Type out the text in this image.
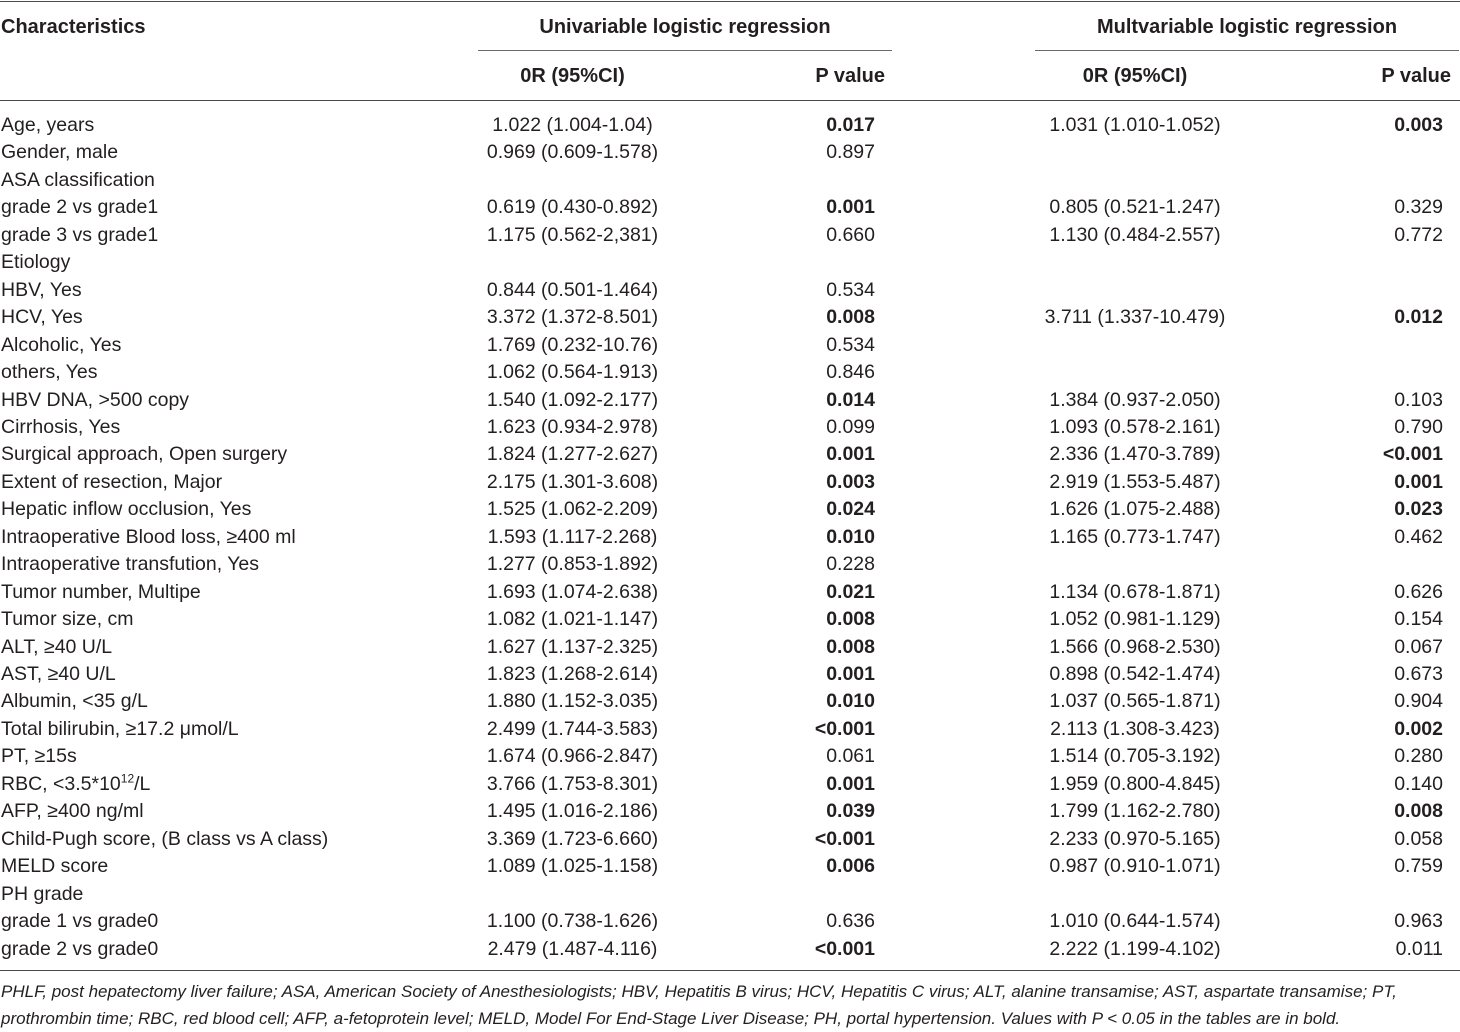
Characteristics	Univariable logistic regression	Multvariable logistic regression
0R (95%CI)	P value	0R (95%CI)	P value
Age, years	1.022 (1.004-1.04)	0.017	1.031 (1.010-1.052)	0.003
Gender, male	0.969 (0.609-1.578)	0.897
ASA classification
grade 2 vs grade1	0.619 (0.430-0.892)	0.001	0.805 (0.521-1.247)	0.329
grade 3 vs grade1	1.175 (0.562-2,381)	0.660	1.130 (0.484-2.557)	0.772
Etiology
HBV, Yes	0.844 (0.501-1.464)	0.534
HCV, Yes	3.372 (1.372-8.501)	0.008	3.711 (1.337-10.479)	0.012
Alcoholic, Yes	1.769 (0.232-10.76)	0.534
others, Yes	1.062 (0.564-1.913)	0.846
HBV DNA, >500 copy	1.540 (1.092-2.177)	0.014	1.384 (0.937-2.050)	0.103
Cirrhosis, Yes	1.623 (0.934-2.978)	0.099	1.093 (0.578-2.161)	0.790
Surgical approach, Open surgery	1.824 (1.277-2.627)	0.001	2.336 (1.470-3.789)	<0.001
Extent of resection, Major	2.175 (1.301-3.608)	0.003	2.919 (1.553-5.487)	0.001
Hepatic inflow occlusion, Yes	1.525 (1.062-2.209)	0.024	1.626 (1.075-2.488)	0.023
Intraoperative Blood loss, ≥400 ml	1.593 (1.117-2.268)	0.010	1.165 (0.773-1.747)	0.462
Intraoperative transfution, Yes	1.277 (0.853-1.892)	0.228
Tumor number, Multipe	1.693 (1.074-2.638)	0.021	1.134 (0.678-1.871)	0.626
Tumor size, cm	1.082 (1.021-1.147)	0.008	1.052 (0.981-1.129)	0.154
ALT, ≥40 U/L	1.627 (1.137-2.325)	0.008	1.566 (0.968-2.530)	0.067
AST, ≥40 U/L	1.823 (1.268-2.614)	0.001	0.898 (0.542-1.474)	0.673
Albumin, <35 g/L	1.880 (1.152-3.035)	0.010	1.037 (0.565-1.871)	0.904
Total bilirubin, ≥17.2 μmol/L	2.499 (1.744-3.583)	<0.001	2.113 (1.308-3.423)	0.002
PT, ≥15s	1.674 (0.966-2.847)	0.061	1.514 (0.705-3.192)	0.280
RBC, $<3.5*10^{12}/L$	3.766 (1.753-8.301)	0.001	1.959 (0.800-4.845)	0.140
AFP, ≥400 ng/ml	1.495 (1.016-2.186)	0.039	1.799 (1.162-2.780)	0.008
Child-Pugh score, (B class vs A class)	3.369 (1.723-6.660)	<0.001	2.233 (0.970-5.165)	0.058
MELD score	1.089 (1.025-1.158)	0.006	0.987 (0.910-1.071)	0.759
PH grade
grade 1 vs grade0	1.100 (0.738-1.626)	0.636	1.010 (0.644-1.574)	0.963
grade 2 vs grade0	2.479 (1.487-4.116)	<0.001	2.222 (1.199-4.102)	0.011
PHLF, post hepatectomy liver failure; ASA, American Society of Anesthesiologists; HBV, Hepatitis B virus; HCV, Hepatitis C virus; ALT, alanine transamise; AST, aspartate transamise; PT, prothrombin time; RBC, red blood cell; AFP, a-fetoprotein level; MELD, Model For End-Stage Liver Disease; PH, portal hypertension. Values with P < 0.05 in the tables are in bold.
